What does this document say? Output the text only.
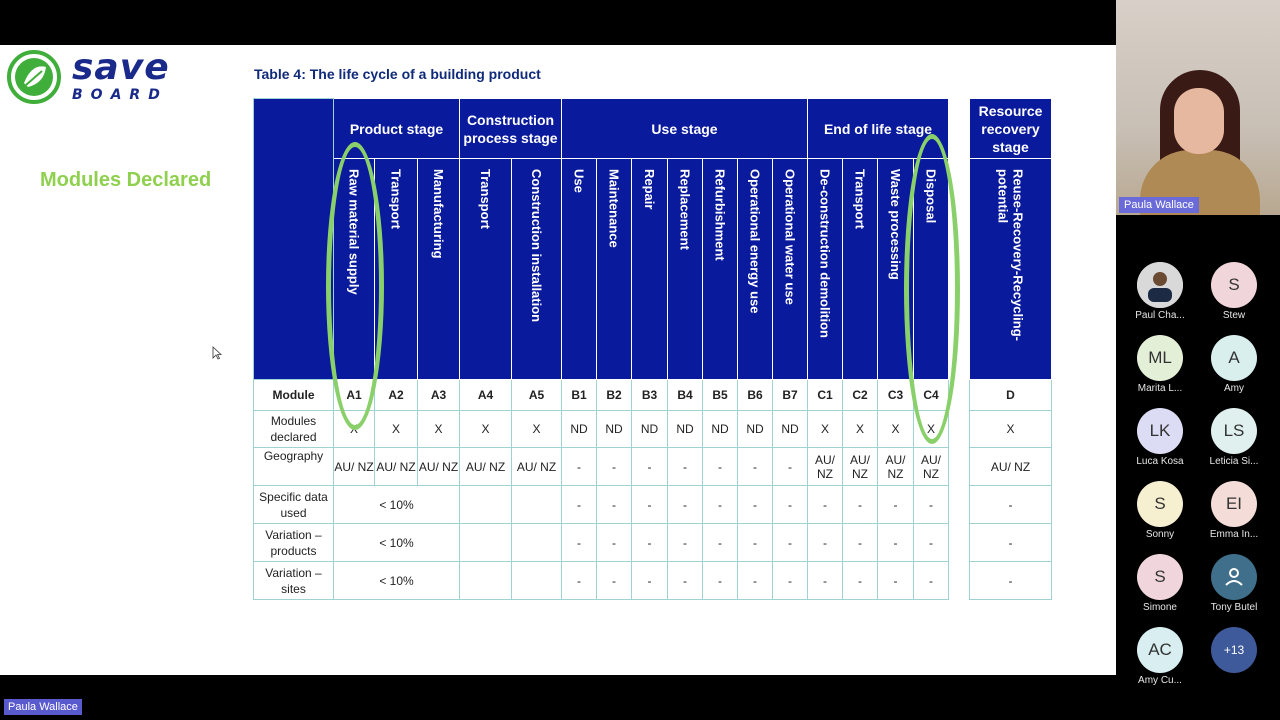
save
BOARD
Modules Declared
Table 4: The life cycle of a building product
	Product stage			Construction process stage		Use stage							End of life stage					Resource recovery stage
	Raw material supply	Transport	Manufacturing	Transport	Construction installation	Use	Maintenance	Repair	Replacement	Refurbishment	Operational energy use	Operational water use	De-construction demolition	Transport	Waste processing	Disposal		Reuse-Recovery-Recycling-potential
Module	A1	A2	A3	A4	A5	B1	B2	B3	B4	B5	B6	B7	C1	C2	C3	C4		D
Modules declared	X	X	X	X	X	ND	ND	ND	ND	ND	ND	ND	X	X	X	X		X
Geography	AU/ NZ	AU/ NZ	AU/ NZ	AU/ NZ	AU/ NZ	-	-	-	-	-	-	-	AU/ NZ	AU/ NZ	AU/ NZ	AU/ NZ		AU/ NZ
Specific data used	< 10%					-	-	-	-	-	-	-	-	-	-	-		-
Variation – products	< 10%					-	-	-	-	-	-	-	-	-	-	-		-
Variation – sites	< 10%					-	-	-	-	-	-	-	-	-	-	-		-
Paula Wallace
Paula Wallace
Paul Cha...
S
Stew
ML
Marita L...
A
Amy
LK
Luca Kosa
LS
Leticia Si...
S
Sonny
EI
Emma In...
S
Simone	Tony Butel
AC
Amy Cu...
+13
